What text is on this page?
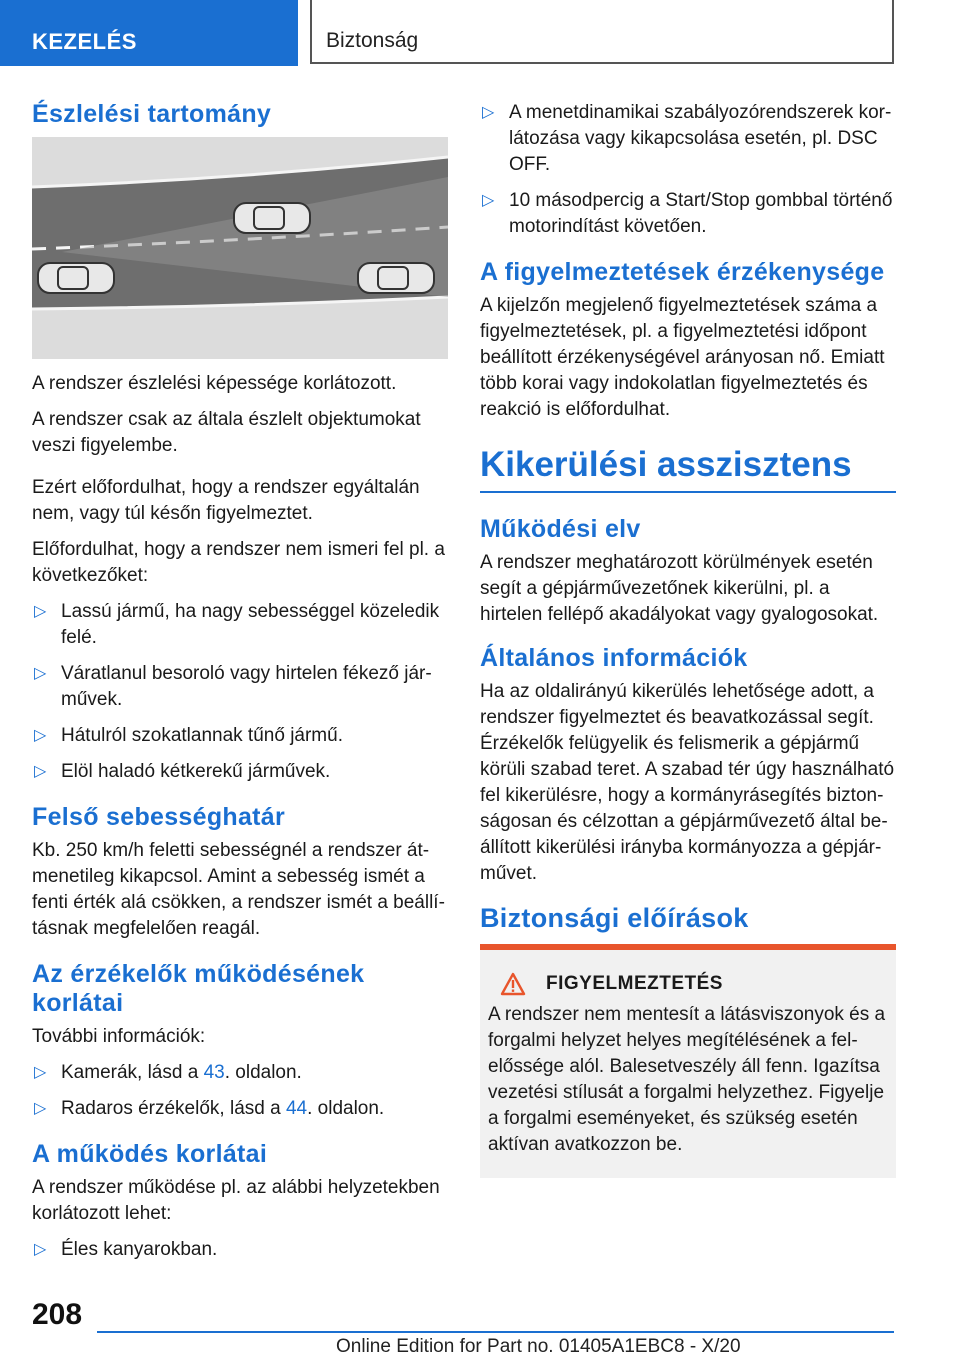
KEZELÉS	Biztonság
Észlelési tartomány

A rendszer észlelési képessége korlátozott.

A rendszer csak az általa észlelt objektumokat veszi figyelembe.

Ezért előfordulhat, hogy a rendszer egyáltalán nem, vagy túl későn figyelmeztet.

Előfordulhat, hogy a rendszer nem ismeri fel pl. a következőket:

▷ Lassú jármű, ha nagy sebességgel közeledik felé.
▷ Váratlanul besoroló vagy hirtelen fékező járművek.
▷ Hátulról szokatlannak tűnő jármű.
▷ Elöl haladó kétkerekű járművek.
Felső sebességhatár

Kb. 250 km/h feletti sebességnél a rendszer átmenetileg kikapcsol. Amint a sebesség ismét a fenti érték alá csökken, a rendszer ismét a beállításnak megfelelően reagál.

Az érzékelők működésének korlátai

További információk:

▷ Kamerák, lásd a 43. oldalon.
▷ Radaros érzékelők, lásd a 44. oldalon.
A működés korlátai

A rendszer működése pl. az alábbi helyzetekben korlátozott lehet:

▷ Éles kanyarokban.
▷ A menetdinamikai szabályozórendszerek korlátozása vagy kikapcsolása esetén, pl. DSC OFF.
▷ 10 másodpercig a Start/Stop gombbal történő motorindítást követően.
A figyelmeztetések érzékenysége

A kijelzőn megjelenő figyelmeztetések száma a figyelmeztetések, pl. a figyelmeztetési időpont beállított érzékenységével arányosan nő. Emiatt több korai vagy indokolatlan figyelmeztetés és reakció is előfordulhat.

Kikerülési asszisztens
Működési elv

A rendszer meghatározott körülmények esetén segít a gépjárművezetőnek kikerülni, pl. a hirtelen fellépő akadályokat vagy gyalogosokat.

Általános információk

Ha az oldalirányú kikerülés lehetősége adott, a rendszer figyelmeztet és beavatkozással segít. Érzékelők felügyelik és felismerik a gépjármű körüli szabad teret. A szabad tér úgy használható fel kikerülésre, hogy a kormányrásegítés biztonságosan és célzottan a gépjárművezető által beállított kikerülési irányba kormányozza a gépjárművet.

Biztonsági előírások
FIGYELMEZTETÉS

A rendszer nem mentesít a látásviszonyok és a forgalmi helyzet helyes megítélésének a felelőssége alól. Balesetveszély áll fenn. Igazítsa vezetési stílusát a forgalmi helyzethez. Figyelje a forgalmi eseményeket, és szükség esetén aktívan avatkozzon be.

208
Online Edition for Part no. 01405A1EBC8 - X/20
